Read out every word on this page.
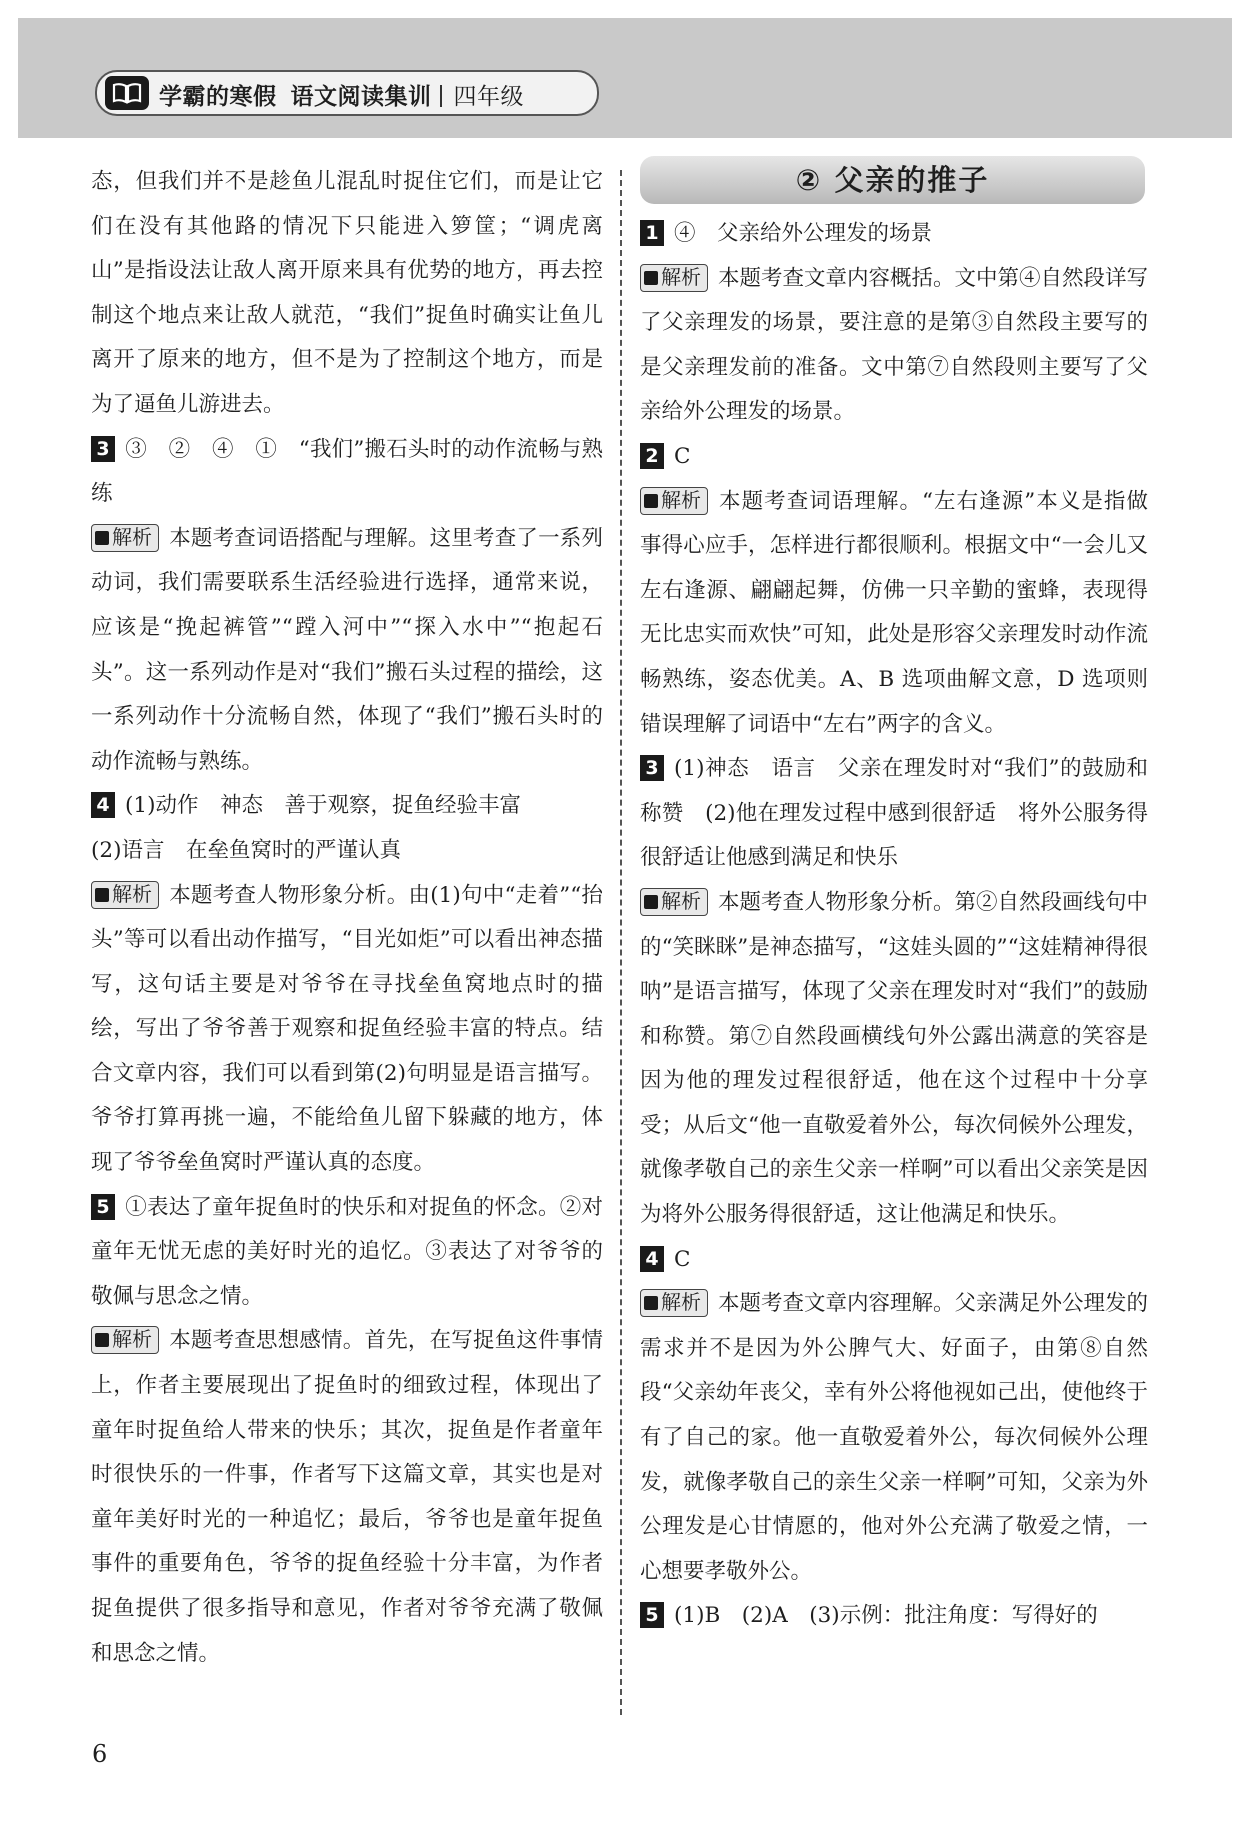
学霸的寒假 语文阅读集训 四年级

态，但我们并不是趁鱼儿混乱时捉住它们，而是让它们在没有其他路的情况下只能进入箩筐；“调虎离山”是指设法让敌人离开原来具有优势的地方，再去控制这个地点来让敌人就范，“我们”捉鱼时确实让鱼儿离开了原来的地方，但不是为了控制这个地方，而是为了逼鱼儿游进去。

3 ③　②　④　①　“我们”搬石头时的动作流畅与熟练

解析 本题考查词语搭配与理解。这里考查了一系列动词，我们需要联系生活经验进行选择，通常来说，应该是“挽起裤管”“蹚入河中”“探入水中”“抱起石头”。这一系列动作是对“我们”搬石头过程的描绘，这一系列动作十分流畅自然，体现了“我们”搬石头时的动作流畅与熟练。

4 (1)动作　神态　善于观察，捉鱼经验丰富

(2)语言　在垒鱼窝时的严谨认真

解析 本题考查人物形象分析。由(1)句中“走着”“抬头”等可以看出动作描写，“目光如炬”可以看出神态描写，这句话主要是对爷爷在寻找垒鱼窝地点时的描绘，写出了爷爷善于观察和捉鱼经验丰富的特点。结合文章内容，我们可以看到第(2)句明显是语言描写。爷爷打算再挑一遍，不能给鱼儿留下躲藏的地方，体现了爷爷垒鱼窝时严谨认真的态度。

5 ①表达了童年捉鱼时的快乐和对捉鱼的怀念。②对童年无忧无虑的美好时光的追忆。③表达了对爷爷的敬佩与思念之情。

解析 本题考查思想感情。首先，在写捉鱼这件事情上，作者主要展现出了捉鱼时的细致过程，体现出了童年时捉鱼给人带来的快乐；其次，捉鱼是作者童年时很快乐的一件事，作者写下这篇文章，其实也是对童年美好时光的一种追忆；最后，爷爷也是童年捉鱼事件的重要角色，爷爷的捉鱼经验十分丰富，为作者捉鱼提供了很多指导和意见，作者对爷爷充满了敬佩和思念之情。

② 父亲的推子

1 ④　父亲给外公理发的场景

解析 本题考查文章内容概括。文中第④自然段详写了父亲理发的场景，要注意的是第③自然段主要写的是父亲理发前的准备。文中第⑦自然段则主要写了父亲给外公理发的场景。

2 C

解析 本题考查词语理解。“左右逢源”本义是指做事得心应手，怎样进行都很顺利。根据文中“一会儿又左右逢源、翩翩起舞，仿佛一只辛勤的蜜蜂，表现得无比忠实而欢快”可知，此处是形容父亲理发时动作流畅熟练，姿态优美。A、B 选项曲解文意，D 选项则错误理解了词语中“左右”两字的含义。

3 (1)神态　语言　父亲在理发时对“我们”的鼓励和称赞　(2)他在理发过程中感到很舒适　将外公服务得很舒适让他感到满足和快乐

解析 本题考查人物形象分析。第②自然段画线句中的“笑眯眯”是神态描写，“这娃头圆的”“这娃精神得很呐”是语言描写，体现了父亲在理发时对“我们”的鼓励和称赞。第⑦自然段画横线句外公露出满意的笑容是因为他的理发过程很舒适，他在这个过程中十分享受；从后文“他一直敬爱着外公，每次伺候外公理发，就像孝敬自己的亲生父亲一样啊”可以看出父亲笑是因为将外公服务得很舒适，这让他满足和快乐。

4 C

解析 本题考查文章内容理解。父亲满足外公理发的需求并不是因为外公脾气大、好面子，由第⑧自然段“父亲幼年丧父，幸有外公将他视如己出，使他终于有了自己的家。他一直敬爱着外公，每次伺候外公理发，就像孝敬自己的亲生父亲一样啊”可知，父亲为外公理发是心甘情愿的，他对外公充满了敬爱之情，一心想要孝敬外公。

5 (1)B　(2)A　(3)示例：批注角度：写得好的

6
